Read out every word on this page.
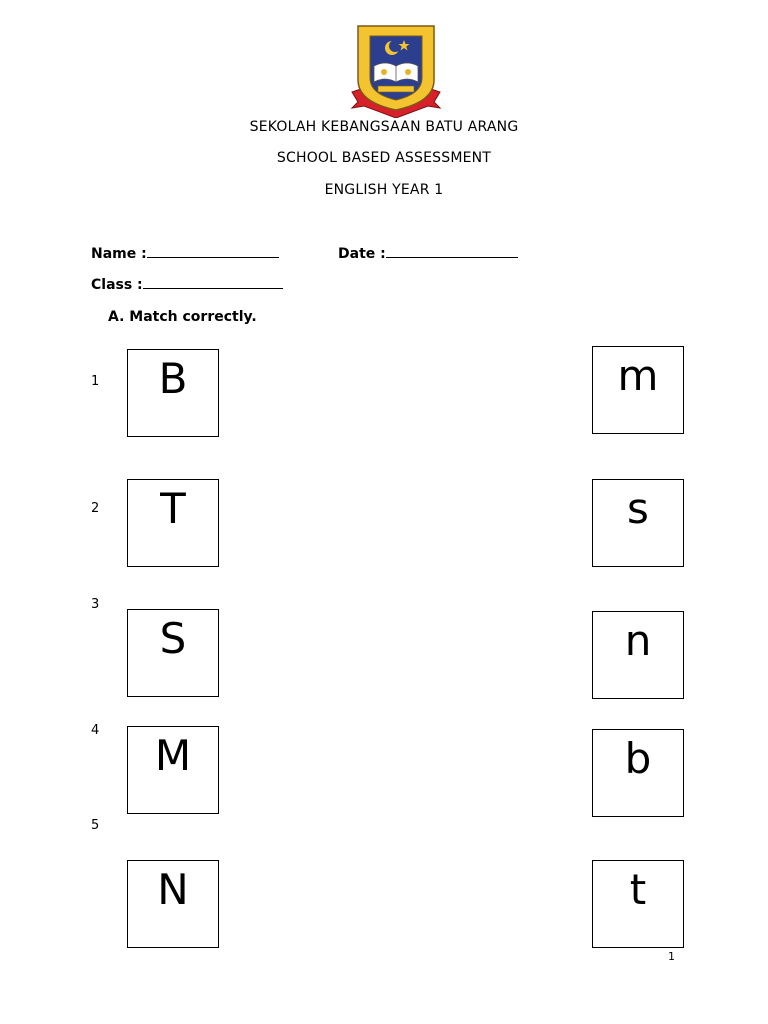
SEKOLAH KEBANGSAAN BATU ARANG
SCHOOL BASED ASSESSMENT
ENGLISH YEAR 1
Name :	Date :
Class :
A. Match correctly.
1
2
3
4
5
B
T
S
M
N
m
s
n
b
t
1
